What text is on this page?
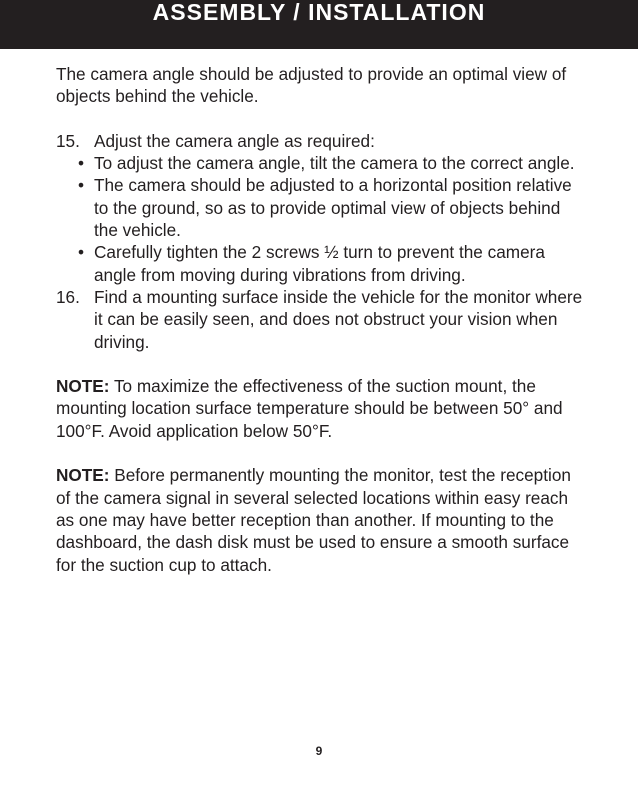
ASSEMBLY / INSTALLATION

The camera angle should be adjusted to provide an optimal view of objects behind the vehicle.

15. Adjust the camera angle as required:
• To adjust the camera angle, tilt the camera to the correct angle.
• The camera should be adjusted to a horizontal position relative to the ground, so as to provide optimal view of objects behind the vehicle.
• Carefully tighten the 2 screws ½ turn to prevent the camera angle from moving during vibrations from driving.
16. Find a mounting surface inside the vehicle for the monitor where it can be easily seen, and does not obstruct your vision when driving.

NOTE: To maximize the effectiveness of the suction mount, the mounting location surface temperature should be between 50° and 100°F. Avoid application below 50°F.

NOTE: Before permanently mounting the monitor, test the reception of the camera signal in several selected locations within easy reach as one may have better reception than another. If mounting to the dashboard, the dash disk must be used to ensure a smooth surface for the suction cup to attach.

9
